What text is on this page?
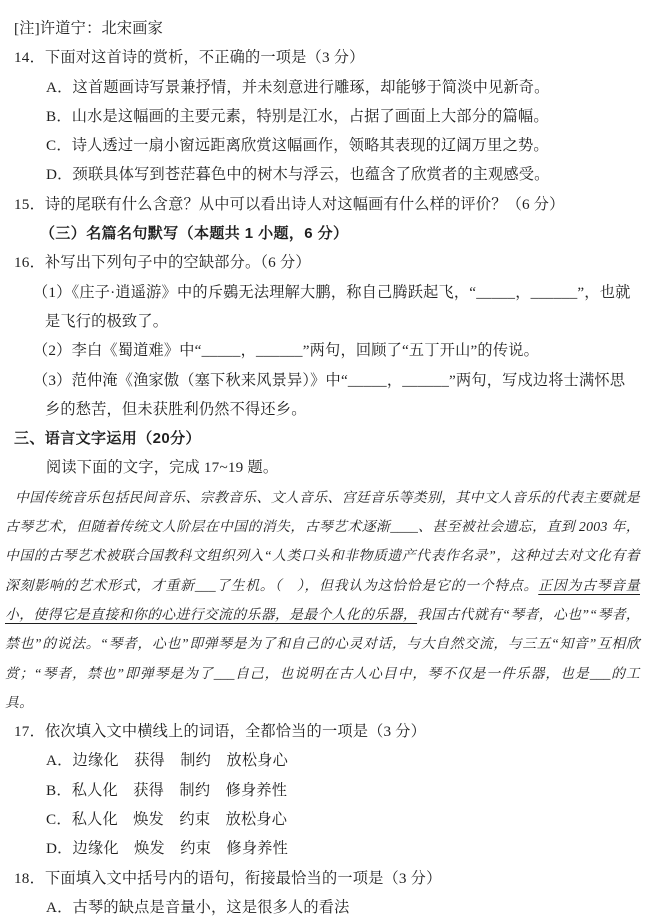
[注]许道宁：北宋画家
14．下面对这首诗的赏析，不正确的一项是（3 分）
A．这首题画诗写景兼抒情，并未刻意进行雕琢，却能够于简淡中见新奇。
B．山水是这幅画的主要元素，特别是江水，占据了画面上大部分的篇幅。
C．诗人透过一扇小窗远距离欣赏这幅画作，领略其表现的辽阔万里之势。
D．颈联具体写到苍茫暮色中的树木与浮云，也蕴含了欣赏者的主观感受。
15．诗的尾联有什么含意？从中可以看出诗人对这幅画有什么样的评价？（6 分）
（三）名篇名句默写（本题共 1 小题，6 分）
16．补写出下列句子中的空缺部分。（6 分）
（1）《庄子·逍遥游》中的斥鷃无法理解大鹏，称自己腾跃起飞，“_____，______”，也就是飞行的极致了。
（2）李白《蜀道难》中“_____，______”两句，回顾了“五丁开山”的传说。
（3）范仲淹《渔家傲（塞下秋来风景异）》中“_____，______”两句，写戍边将士满怀思乡的愁苦，但未获胜利仍然不得还乡。
三、语言文字运用（20分）
阅读下面的文字，完成 17~19 题。
中国传统音乐包括民间音乐、宗教音乐、文人音乐、宫廷音乐等类别，其中文人音乐的代表主要就是古琴艺术，但随着传统文人阶层在中国的消失，古琴艺术逐渐____、甚至被社会遗忘，直到 2003 年，中国的古琴艺术被联合国教科文组织列入“人类口头和非物质遗产代表作名录”，这种过去对文化有着深刻影响的艺术形式，才重新___了生机。（　），但我认为这恰恰是它的一个特点。正因为古琴音量小，使得它是直接和你的心进行交流的乐器，是最个人化的乐器，我国古代就有“琴者，心也”“琴者，禁也”的说法。“琴者，心也”即弹琴是为了和自己的心灵对话，与大自然交流，与三五“知音”互相欣赏；“琴者，禁也”即弹琴是为了___自己，也说明在古人心目中，琴不仅是一件乐器，也是___的工具。
17．依次填入文中横线上的词语，全都恰当的一项是（3 分）
A．边缘化　获得　制约　放松身心
B．私人化　获得　制约　修身养性
C．私人化　焕发　约束　放松身心
D．边缘化　焕发　约束　修身养性
18．下面填入文中括号内的语句，衔接最恰当的一项是（3 分）
A．古琴的缺点是音量小，这是很多人的看法
